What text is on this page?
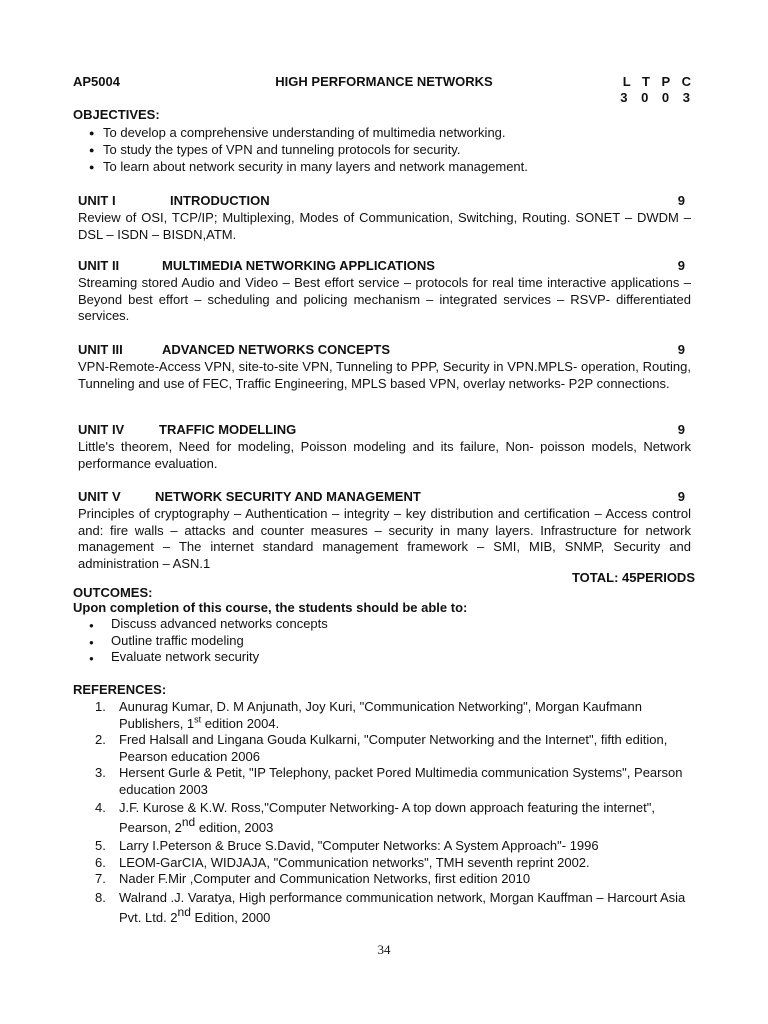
AP5004	HIGH PERFORMANCE NETWORKS	L T P C
3 0 0 3
OBJECTIVES:
● To develop a comprehensive understanding of multimedia networking.
● To study the types of VPN and tunneling protocols for security.
● To learn about network security in many layers and network management.
UNIT I	INTRODUCTION	9
Review of OSI, TCP/IP; Multiplexing, Modes of Communication, Switching, Routing. SONET – DWDM – DSL – ISDN – BISDN,ATM.
UNIT II	MULTIMEDIA NETWORKING APPLICATIONS	9
Streaming stored Audio and Video – Best effort service – protocols for real time interactive applications – Beyond best effort – scheduling and policing mechanism – integrated services – RSVP- differentiated services.
UNIT III	ADVANCED NETWORKS CONCEPTS	9
VPN-Remote-Access VPN, site-to-site VPN, Tunneling to PPP, Security in VPN.MPLS- operation, Routing, Tunneling and use of FEC, Traffic Engineering, MPLS based VPN, overlay networks- P2P connections.
UNIT IV	TRAFFIC MODELLING	9
Little's theorem, Need for modeling, Poisson modeling and its failure, Non- poisson models, Network performance evaluation.
UNIT V	NETWORK SECURITY AND MANAGEMENT	9
Principles of cryptography – Authentication – integrity – key distribution and certification – Access control and: fire walls – attacks and counter measures – security in many layers. Infrastructure for network management – The internet standard management framework – SMI, MIB, SNMP, Security and administration – ASN.1
TOTAL: 45PERIODS
OUTCOMES:
Upon completion of this course, the students should be able to:
● Discuss advanced networks concepts
● Outline traffic modeling
● Evaluate network security
REFERENCES:
1. Aunurag Kumar, D. M Anjunath, Joy Kuri, "Communication Networking", Morgan Kaufmann Publishers, 1st edition 2004.
2. Fred Halsall and Lingana Gouda Kulkarni, "Computer Networking and the Internet", fifth edition, Pearson education 2006
3. Hersent Gurle & Petit, "IP Telephony, packet Pored Multimedia communication Systems", Pearson education 2003
4. J.F. Kurose & K.W. Ross,"Computer Networking- A top down approach featuring the internet", Pearson, 2nd edition, 2003
5. Larry I.Peterson & Bruce S.David, "Computer Networks: A System Approach"- 1996
6. LEOM-GarCIA, WIDJAJA, "Communication networks", TMH seventh reprint 2002.
7. Nader F.Mir ,Computer and Communication Networks, first edition 2010
8. Walrand .J. Varatya, High performance communication network, Morgan Kauffman – Harcourt Asia Pvt. Ltd. 2nd Edition, 2000
34
